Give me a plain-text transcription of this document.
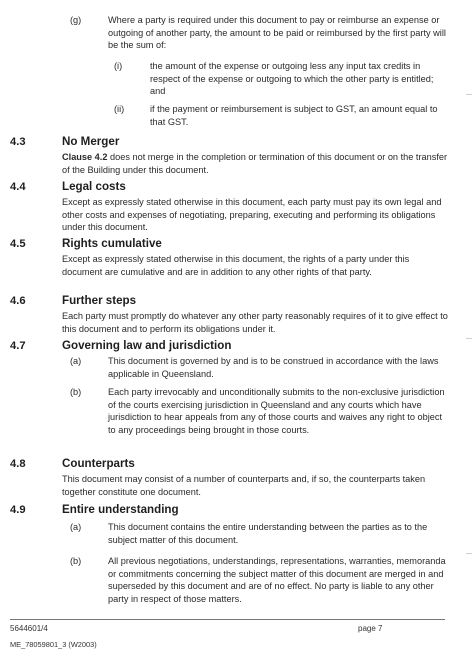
(g)	Where a party is required under this document to pay or reimburse an expense or outgoing of another party, the amount to be paid or reimbursed by the first party will be the sum of:

(i)	the amount of the expense or outgoing less any input tax credits in respect of the expense or outgoing to which the other party is entitled; and

(ii)	if the payment or reimbursement is subject to GST, an amount equal to that GST.

4.3	No Merger

Clause 4.2 does not merge in the completion or termination of this document or on the transfer of the Building under this document.

4.4	Legal costs

Except as expressly stated otherwise in this document, each party must pay its own legal and other costs and expenses of negotiating, preparing, executing and performing its obligations under this document.

4.5	Rights cumulative

Except as expressly stated otherwise in this document, the rights of a party under this document are cumulative and are in addition to any other rights of that party.

4.6	Further steps

Each party must promptly do whatever any other party reasonably requires of it to give effect to this document and to perform its obligations under it.

4.7	Governing law and jurisdiction
(a)	This document is governed by and is to be construed in accordance with the laws applicable in Queensland.

(b)	Each party irrevocably and unconditionally submits to the non-exclusive jurisdiction of the courts exercising jurisdiction in Queensland and any courts which have jurisdiction to hear appeals from any of those courts and waives any right to object to any proceedings being brought in those courts.

4.8	Counterparts

This document may consist of a number of counterparts and, if so, the counterparts taken together constitute one document.

4.9	Entire understanding
(a)	This document contains the entire understanding between the parties as to the subject matter of this document.

(b)	All previous negotiations, understandings, representations, warranties, memoranda or commitments concerning the subject matter of this document are merged in and superseded by this document and are of no effect. No party is liable to any other party in respect of those matters.

5644601/4	page 7
ME_78059801_3 (W2003)
